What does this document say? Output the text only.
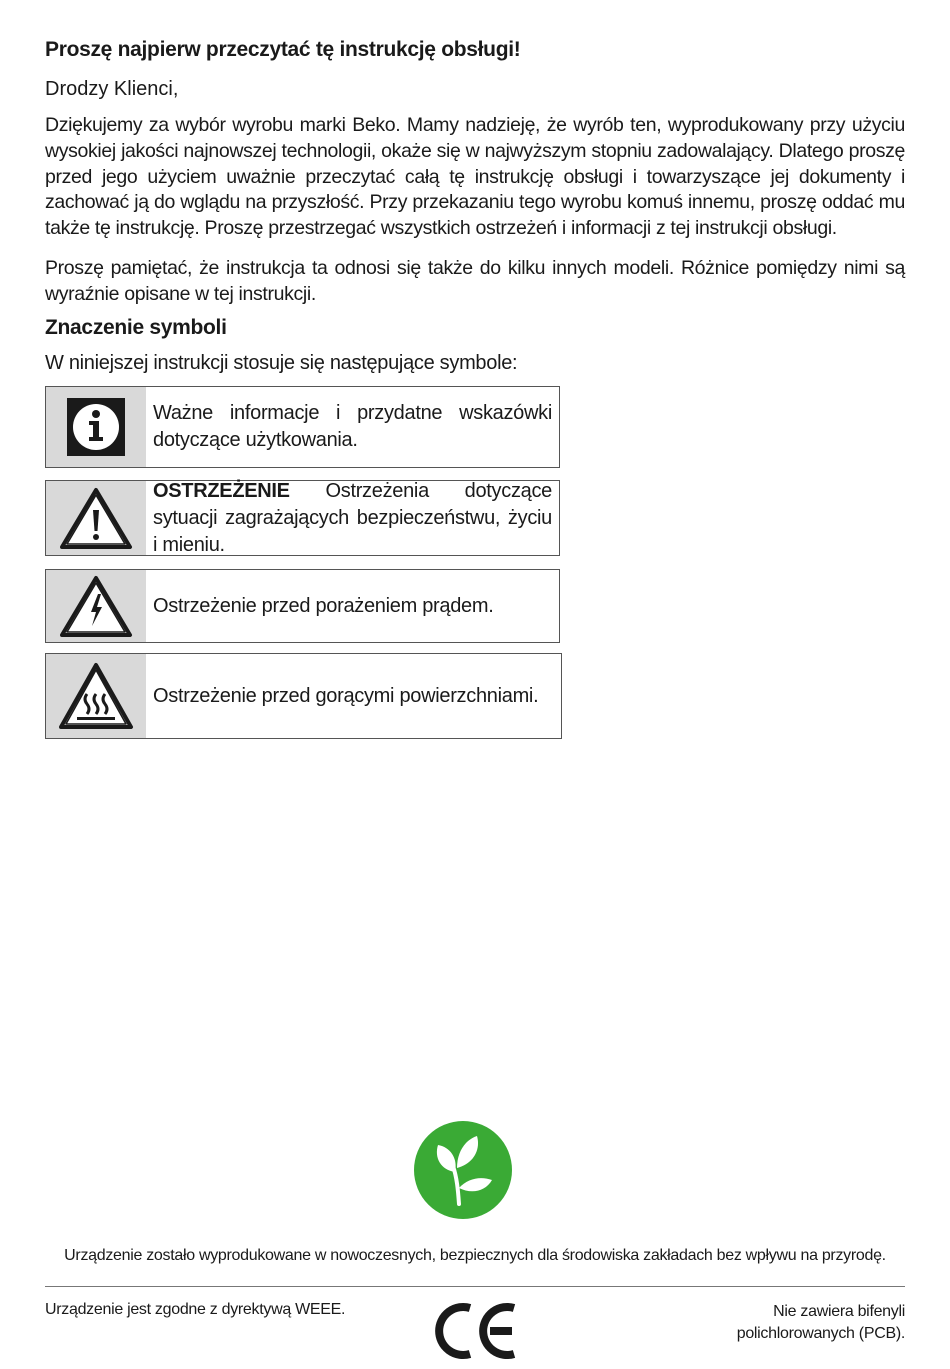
Proszę najpierw przeczytać tę instrukcję obsługi!
Drodzy Klienci,
Dziękujemy za wybór wyrobu marki Beko. Mamy nadzieję, że wyrób ten, wyprodukowany przy użyciu wysokiej jakości najnowszej technologii, okaże się w najwyższym stopniu zadowalający. Dlatego proszę przed jego użyciem uważnie przeczytać całą tę instrukcję obsługi i towarzyszące jej dokumenty i zachować ją do wglądu na przyszłość. Przy przekazaniu tego wyrobu komuś innemu, proszę oddać mu także tę instrukcję. Proszę przestrzegać wszystkich ostrzeżeń i informacji z tej instrukcji obsługi.
Proszę pamiętać, że instrukcja ta odnosi się także do kilku innych modeli. Różnice pomiędzy nimi są wyraźnie opisane w tej instrukcji.
Znaczenie symboli
W niniejszej instrukcji stosuje się następujące symbole:
Ważne informacje i przydatne wskazówki dotyczące użytkowania.
OSTRZEŻENIE Ostrzeżenia dotyczące sytuacji zagrażających bezpieczeństwu, życiu i mieniu.
Ostrzeżenie przed porażeniem prądem.
Ostrzeżenie przed gorącymi powierzchniami.
Urządzenie zostało wyprodukowane w nowoczesnych, bezpiecznych dla środowiska zakładach bez wpływu na przyrodę.
Urządzenie jest zgodne z dyrektywą WEEE.	Nie zawiera bifenyli polichlorowanych (PCB).
